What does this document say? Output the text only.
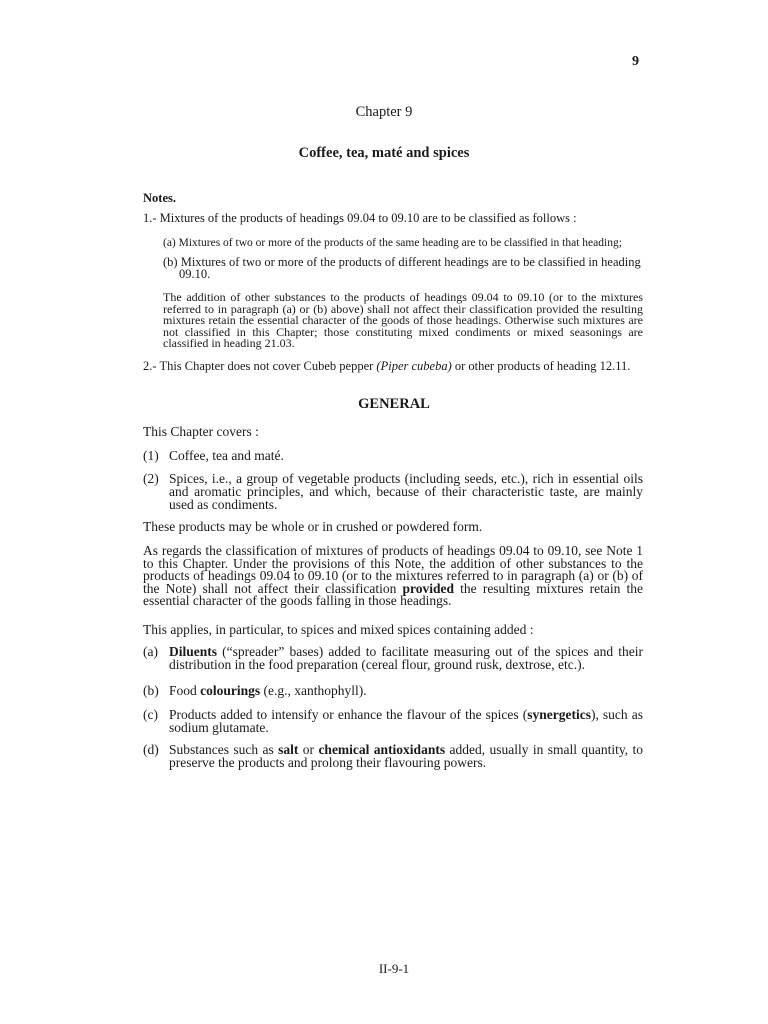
9
Chapter 9
Coffee, tea, maté and spices
Notes.
1.- Mixtures of the products of headings 09.04 to 09.10 are to be classified as follows :
(a) Mixtures of two or more of the products of the same heading are to be classified in that heading;
(b) Mixtures of two or more of the products of different headings are to be classified in heading 09.10.
The addition of other substances to the products of headings 09.04 to 09.10 (or to the mixtures referred to in paragraph (a) or (b) above) shall not affect their classification provided the resulting mixtures retain the essential character of the goods of those headings. Otherwise such mixtures are not classified in this Chapter; those constituting mixed condiments or mixed seasonings are classified in heading 21.03.
2.- This Chapter does not cover Cubeb pepper (Piper cubeba) or other products of heading 12.11.
GENERAL
This Chapter covers :
(1) Coffee, tea and maté.
(2) Spices, i.e., a group of vegetable products (including seeds, etc.), rich in essential oils and aromatic principles, and which, because of their characteristic taste, are mainly used as condiments.
These products may be whole or in crushed or powdered form.
As regards the classification of mixtures of products of headings 09.04 to 09.10, see Note 1 to this Chapter. Under the provisions of this Note, the addition of other substances to the products of headings 09.04 to 09.10 (or to the mixtures referred to in paragraph (a) or (b) of the Note) shall not affect their classification provided the resulting mixtures retain the essential character of the goods falling in those headings.
This applies, in particular, to spices and mixed spices containing added :
(a) Diluents (“spreader” bases) added to facilitate measuring out of the spices and their distribution in the food preparation (cereal flour, ground rusk, dextrose, etc.).
(b) Food colourings (e.g., xanthophyll).
(c) Products added to intensify or enhance the flavour of the spices (synergetics), such as sodium glutamate.
(d) Substances such as salt or chemical antioxidants added, usually in small quantity, to preserve the products and prolong their flavouring powers.
II-9-1
